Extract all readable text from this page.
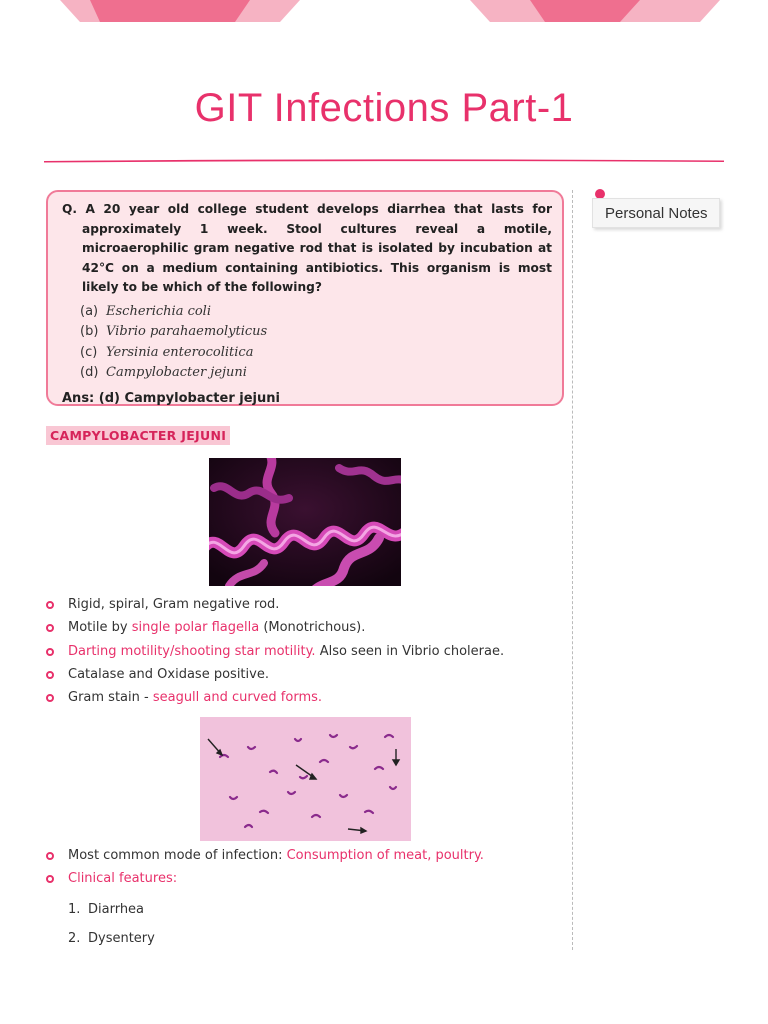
GIT Infections Part-1
Personal Notes

Q. A 20 year old college student develops diarrhea that lasts for approximately 1 week. Stool cultures reveal a motile, microaerophilic gram negative rod that is isolated by incubation at 42°C on a medium containing antibiotics. This organism is most likely to be which of the following?

(a) Escherichia coli
(b) Vibrio parahaemolyticus
(c) Yersinia enterocolitica
(d) Campylobacter jejuni

Ans: (d) Campylobacter jejuni

CAMPYLOBACTER JEJUNI
Rigid, spiral, Gram negative rod.
Motile by single polar flagella (Monotrichous).
Darting motility/shooting star motility. Also seen in Vibrio cholerae.
Catalase and Oxidase positive.
Gram stain - seagull and curved forms.
Most common mode of infection: Consumption of meat, poultry.
Clinical features:
1. Diarrhea
2. Dysentery
